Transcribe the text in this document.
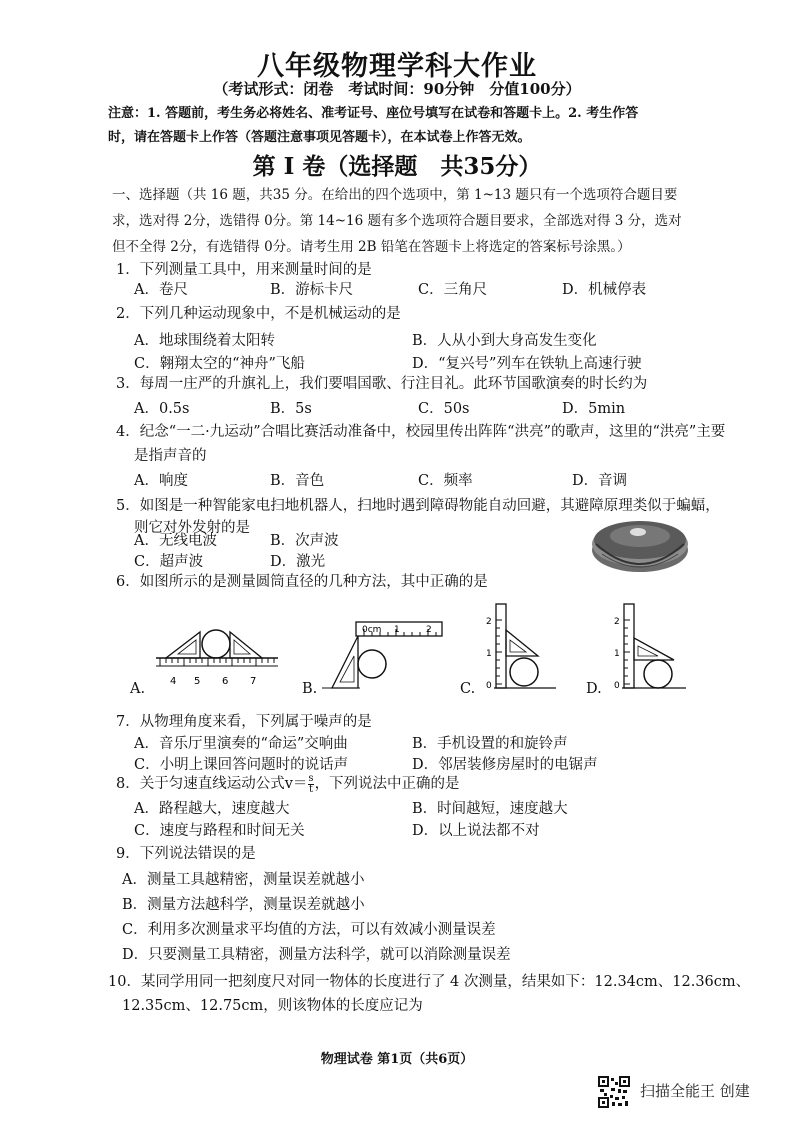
八年级物理学科大作业
（考试形式：闭卷　考试时间：90分钟　分值100分）
注意：1. 答题前，考生务必将姓名、准考证号、座位号填写在试卷和答题卡上。2. 考生作答
时，请在答题卡上作答（答题注意事项见答题卡），在本试卷上作答无效。
第 Ⅰ 卷（选择题　共35分）
一、选择题（共 16 题，共35 分。在给出的四个选项中，第 1~13 题只有一个选项符合题目要
求，选对得 2分，选错得 0分。第 14~16 题有多个选项符合题目要求，全部选对得 3 分，选对
但不全得 2分，有选错得 0分。请考生用 2B 铅笔在答题卡上将选定的答案标号涂黑。）
1．下列测量工具中，用来测量时间的是
A．卷尺	B．游标卡尺	C．三角尺	D．机械停表
2．下列几种运动现象中，不是机械运动的是
A．地球围绕着太阳转	B．人从小到大身高发生变化
C．翱翔太空的“神舟”飞船	D．“复兴号”列车在铁轨上高速行驶
3．每周一庄严的升旗礼上，我们要唱国歌、行注目礼。此环节国歌演奏的时长约为
A．0.5s	B．5s	C．50s	D．5min
4．纪念“一二·九运动”合唱比赛活动准备中，校园里传出阵阵“洪亮”的歌声，这里的“洪亮”主要
是指声音的
A．响度	B．音色	C．频率	D．音调
5．如图是一种智能家电扫地机器人，扫地时遇到障碍物能自动回避，其避障原理类似于蝙蝠，
则它对外发射的是
A．无线电波	B．次声波
C．超声波	D．激光
6．如图所示的是测量圆筒直径的几种方法，其中正确的是
A. 4 5 6 7	B.
0cm 1	2
C.
2
1
0	D.
2
1
0
7．从物理角度来看，下列属于噪声的是
A．音乐厅里演奏的“命运”交响曲	B．手机设置的和旋铃声
C．小明上课回答问题时的说话声	D．邻居装修房屋时的电锯声
8．关于匀速直线运动公式$v= \frac{s}{t}$ ，下列说法中正确的是
A．路程越大，速度越大	B．时间越短，速度越大
C．速度与路程和时间无关	D．以上说法都不对
9．下列说法错误的是
A．测量工具越精密，测量误差就越小
B．测量方法越科学，测量误差就越小
C．利用多次测量求平均值的方法，可以有效减小测量误差
D．只要测量工具精密，测量方法科学，就可以消除测量误差
10．某同学用同一把刻度尺对同一物体的长度进行了 4 次测量，结果如下：12.34cm、12.36cm、
12.35cm、12.75cm，则该物体的长度应记为
物理试卷 第1页（共6页）
扫描全能王 创建
